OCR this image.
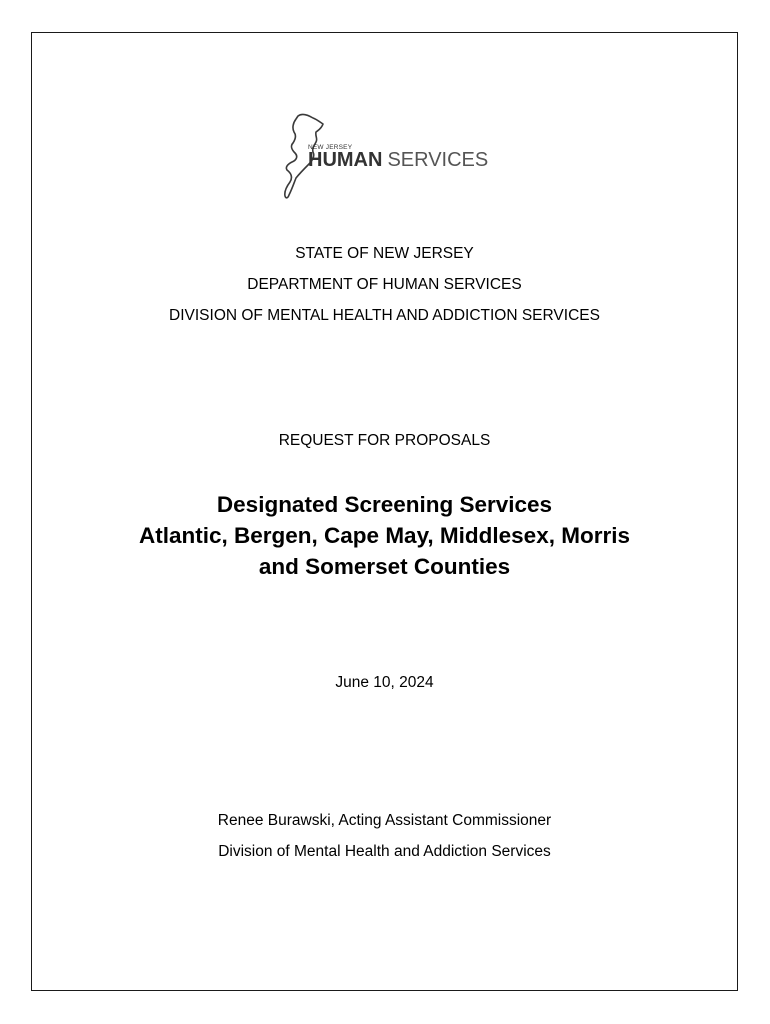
NEW JERSEY
HUMAN SERVICES
STATE OF NEW JERSEY
DEPARTMENT OF HUMAN SERVICES
DIVISION OF MENTAL HEALTH AND ADDICTION SERVICES
REQUEST FOR PROPOSALS
Designated Screening Services
Atlantic, Bergen, Cape May, Middlesex, Morris
and Somerset Counties
June 10, 2024
Renee Burawski, Acting Assistant Commissioner
Division of Mental Health and Addiction Services
